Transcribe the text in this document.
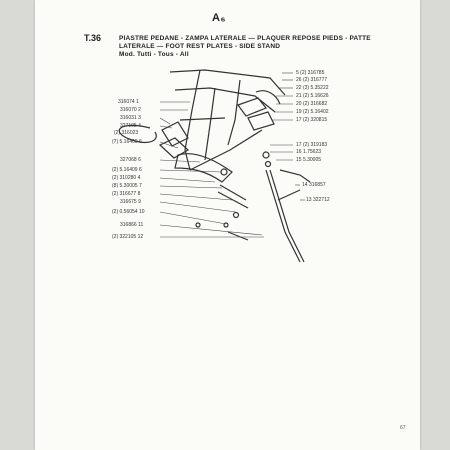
A₆
T.36	PIASTRE PEDANE - ZAMPA LATERALE — PLAQUER REPOSE PIEDS - PATTE
LATERALE — FOOT REST PLATES - SIDE STAND
Mod. Tutti - Tous - All
316074 1
316070 2
316031 3
327105 4
(2) 316023
(7) 5.16400 6
327068 6
(2) 5.16409 6
(2) 310280 4
(8) 5.30005 7
(2) 316677 8
316675 9
(2) 0.56054 10
316866 11
(2) 322105 12
5 (2) 316785
26 (2) 316777
22 (3) 5.35222
21 (2) 5.16626
20 (2) 316682
19 (2) 5.16402
17 (2) 320815
17 (2) 319183
16 1.75623
15 5.30005
14 316857
13 322712
67
